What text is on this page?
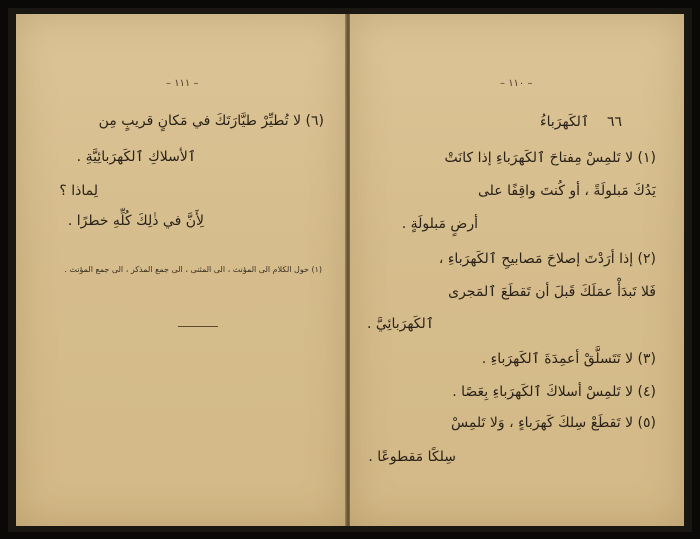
– ١١١ –
(٦) لا تُطيِّرْ طيَّارَتَكَ في مَكانٍ قريبٍ مِن
ٱلأسلاكِ ٱلكَهرَبائِيَّةِ .
لِماذا ؟
لِأَنَّ في ذٰلِكَ كُلِّهِ خطرًا .
(١) حول الكلام الى المؤنث ، الى المثنى ، الى جمع المذكر ، الى جمع المؤنث .
– ١١٠ –
٦٦    ٱلكَهرَباءُ
(١) لا تَلمِسْ مِفتاحَ ٱلكَهرَباءِ إذا كانَتْ
يَدُكَ مَبلولَةً ، أو كُنتَ واقِفًا على
أرضٍ مَبلولَةٍ .
(٢) إذا أرَدْتَ إصلاحَ مَصابيحِ ٱلكَهرَباءِ ،
فَلا تَبدَأْ عمَلَكَ قَبلَ أن تَقطَعَ ٱلمَجرى
ٱلكَهرَبائِيَّ .
(٣) لا تَتَسلَّقْ أعمِدَةَ ٱلكَهرَباءِ .
(٤) لا تَلمِسْ أسلاكَ ٱلكَهرَباءِ بِعَصًا .
(٥) لا تَقطَعْ سِلكَ كَهرَباءٍ ، وَلا تَلمِسْ
سِلكًا مَقطوعًا .
